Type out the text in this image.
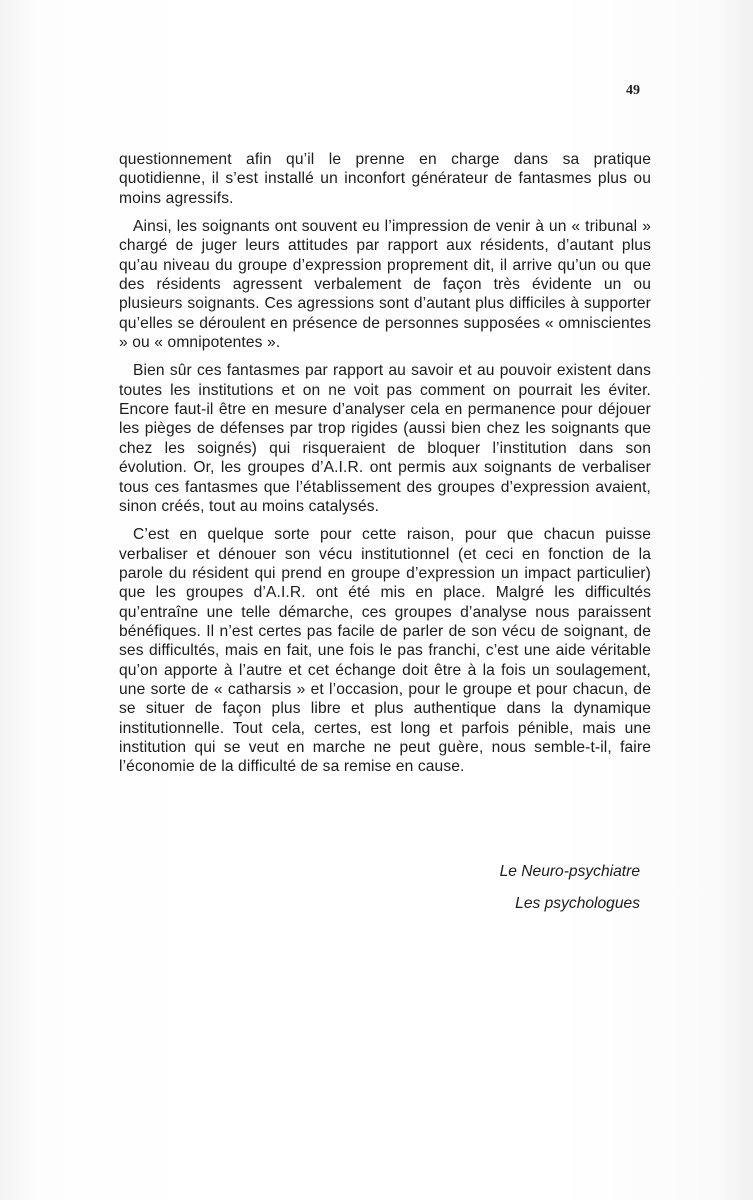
49

questionnement afin qu’il le prenne en charge dans sa pratique quotidienne, il s’est installé un inconfort générateur de fantasmes plus ou moins agressifs.

Ainsi, les soignants ont souvent eu l’impression de venir à un « tribunal » chargé de juger leurs attitudes par rapport aux résidents, d’autant plus qu’au niveau du groupe d’expression proprement dit, il arrive qu’un ou que des résidents agressent verbalement de façon très évidente un ou plusieurs soignants. Ces agressions sont d’autant plus difficiles à supporter qu’elles se déroulent en présence de personnes supposées « omniscientes » ou « omnipotentes ».

Bien sûr ces fantasmes par rapport au savoir et au pouvoir existent dans toutes les institutions et on ne voit pas comment on pourrait les éviter. Encore faut-il être en mesure d’analyser cela en permanence pour déjouer les pièges de défenses par trop rigides (aussi bien chez les soignants que chez les soignés) qui risqueraient de bloquer l’institution dans son évolution. Or, les groupes d’A.I.R. ont permis aux soignants de verbaliser tous ces fantasmes que l’établissement des groupes d’expression avaient, sinon créés, tout au moins catalysés.

C’est en quelque sorte pour cette raison, pour que chacun puisse verbaliser et dénouer son vécu institutionnel (et ceci en fonction de la parole du résident qui prend en groupe d’expression un impact particulier) que les groupes d’A.I.R. ont été mis en place. Malgré les difficultés qu’entraîne une telle démarche, ces groupes d’analyse nous paraissent bénéfiques. Il n’est certes pas facile de parler de son vécu de soignant, de ses difficultés, mais en fait, une fois le pas franchi, c’est une aide véritable qu’on apporte à l’autre et cet échange doit être à la fois un soulagement, une sorte de « catharsis » et l’occasion, pour le groupe et pour chacun, de se situer de façon plus libre et plus authentique dans la dynamique institutionnelle. Tout cela, certes, est long et parfois pénible, mais une institution qui se veut en marche ne peut guère, nous semble-t-il, faire l’économie de la difficulté de sa remise en cause.

Le Neuro-psychiatre
Les psychologues
